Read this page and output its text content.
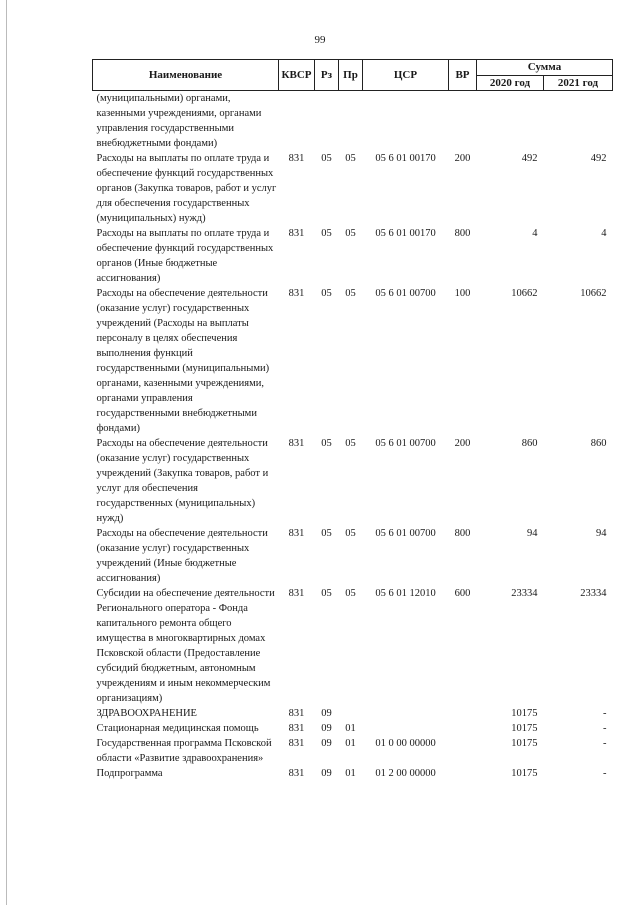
99
Наименование	КВСР	Рз	Пр	ЦСР	ВР	Сумма	
						2020 год	2021 год
(муниципальными) органами, казенными учреждениями, органами управления государственными внебюджетными фондами)							
Расходы на выплаты по оплате труда и обеспечение функций государственных органов (Закупка товаров, работ и услуг для обеспечения государственных (муниципальных) нужд)	831	05	05	05 6 01 00170	200	492	492
Расходы на выплаты по оплате труда и обеспечение функций государственных органов (Иные бюджетные ассигнования)	831	05	05	05 6 01 00170	800	4	4
Расходы на обеспечение деятельности (оказание услуг) государственных учреждений (Расходы на выплаты персоналу в целях обеспечения выполнения функций государственными (муниципальными) органами, казенными учреждениями, органами управления государственными внебюджетными фондами)	831	05	05	05 6 01 00700	100	10662	10662
Расходы на обеспечение деятельности (оказание услуг) государственных учреждений (Закупка товаров, работ и услуг для обеспечения государственных (муниципальных) нужд)	831	05	05	05 6 01 00700	200	860	860
Расходы на обеспечение деятельности (оказание услуг) государственных учреждений (Иные бюджетные ассигнования)	831	05	05	05 6 01 00700	800	94	94
Субсидии на обеспечение деятельности Регионального оператора - Фонда капитального ремонта общего имущества в многоквартирных домах Псковской области (Предоставление субсидий бюджетным, автономным учреждениям и иным некоммерческим организациям)	831	05	05	05 6 01 12010	600	23334	23334
ЗДРАВООХРАНЕНИЕ	831	09				10175	-
Стационарная медицинская помощь	831	09	01			10175	-
Государственная программа Псковской области «Развитие здравоохранения»	831	09	01	01 0 00 00000		10175	-
Подпрограмма	831	09	01	01 2 00 00000		10175	-
